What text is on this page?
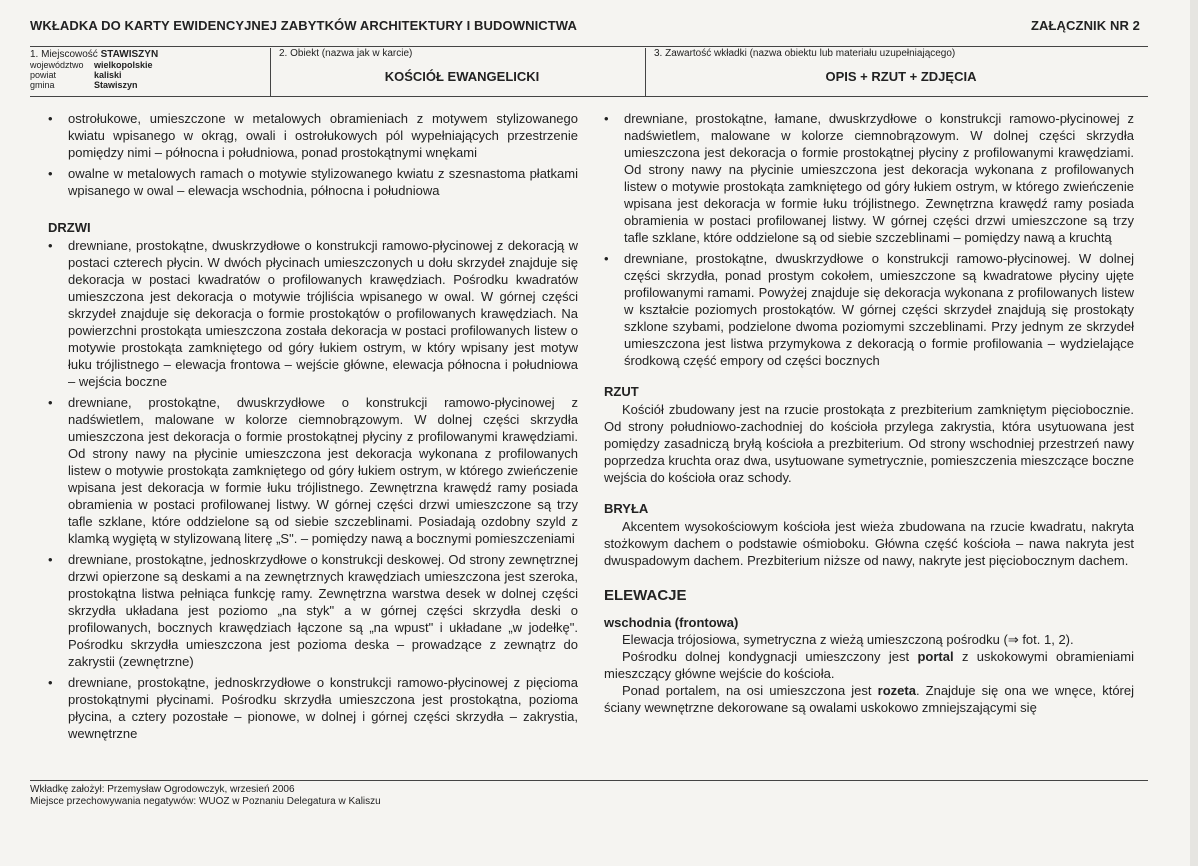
WKŁADKA DO KARTY EWIDENCYJNEJ ZABYTKÓW ARCHITEKTURY I BUDOWNICTWA	ZAŁĄCZNIK NR 2
1. Miejscowość
STAWISZYN
województwo	wielkopolskie
powiat	kaliski
gmina	Stawiszyn
2. Obiekt (nazwa jak w karcie)
KOŚCIÓŁ EWANGELICKI
3. Zawartość wkładki (nazwa obiektu lub materiału uzupełniającego)
OPIS + RZUT + ZDJĘCIA
• ostrołukowe, umieszczone w metalowych obramieniach z motywem stylizowanego kwiatu wpisanego w okrąg, owali i ostrołukowych pól wypełniających przestrzenie pomiędzy nimi – północna i południowa, ponad prostokątnymi wnękami
• owalne w metalowych ramach o motywie stylizowanego kwiatu z szesnastoma płatkami wpisanego w owal – elewacja wschodnia, północna i południowa
DRZWI
• drewniane, prostokątne, dwuskrzydłowe o konstrukcji ramowo-płycinowej z dekoracją w postaci czterech płycin. W dwóch płycinach umieszczonych u dołu skrzydeł znajduje się dekoracja w postaci kwadratów o profilowanych krawędziach. Pośrodku kwadratów umieszczona jest dekoracja o motywie trójliścia wpisanego w owal. W górnej części skrzydeł znajduje się dekoracja o formie prostokątów o profilowanych krawędziach. Na powierzchni prostokąta umieszczona została dekoracja w postaci profilowanych listew o motywie prostokąta zamkniętego od góry łukiem ostrym, w który wpisany jest motyw łuku trójlistnego – elewacja frontowa – wejście główne, elewacja północna i południowa – wejścia boczne
• drewniane, prostokątne, dwuskrzydłowe o konstrukcji ramowo-płycinowej z nadświetlem, malowane w kolorze ciemnobrązowym. W dolnej części skrzydła umieszczona jest dekoracja o formie prostokątnej płyciny z profilowanymi krawędziami. Od strony nawy na płycinie umieszczona jest dekoracja wykonana z profilowanych listew o motywie prostokąta zamkniętego od góry łukiem ostrym, w którego zwieńczenie wpisana jest dekoracja w formie łuku trójlistnego. Zewnętrzna krawędź ramy posiada obramienia w postaci profilowanej listwy. W górnej części drzwi umieszczone są trzy tafle szklane, które oddzielone są od siebie szczeblinami. Posiadają ozdobny szyld z klamką wygiętą w stylizowaną literę „S". – pomiędzy nawą a bocznymi pomieszczeniami
• drewniane, prostokątne, jednoskrzydłowe o konstrukcji deskowej. Od strony zewnętrznej drzwi opierzone są deskami a na zewnętrznych krawędziach umieszczona jest szeroka, prostokątna listwa pełniąca funkcję ramy. Zewnętrzna warstwa desek w dolnej części skrzydła układana jest poziomo „na styk" a w górnej części skrzydła deski o profilowanych, bocznych krawędziach łączone są „na wpust" i układane „w jodełkę". Pośrodku skrzydła umieszczona jest pozioma deska – prowadzące z zewnątrz do zakrystii (zewnętrzne)
• drewniane, prostokątne, jednoskrzydłowe o konstrukcji ramowo-płycinowej z pięcioma prostokątnymi płycinami. Pośrodku skrzydła umieszczona jest prostokątna, pozioma płycina, a cztery pozostałe – pionowe, w dolnej i górnej części skrzydła – zakrystia, wewnętrzne
• drewniane, prostokątne, łamane, dwuskrzydłowe o konstrukcji ramowo-płycinowej z nadświetlem, malowane w kolorze ciemnobrązowym. W dolnej części skrzydła umieszczona jest dekoracja o formie prostokątnej płyciny z profilowanymi krawędziami. Od strony nawy na płycinie umieszczona jest dekoracja wykonana z profilowanych listew o motywie prostokąta zamkniętego od góry łukiem ostrym, w którego zwieńczenie wpisana jest dekoracja w formie łuku trójlistnego. Zewnętrzna krawędź ramy posiada obramienia w postaci profilowanej listwy. W górnej części drzwi umieszczone są trzy tafle szklane, które oddzielone są od siebie szczeblinami – pomiędzy nawą a kruchtą
• drewniane, prostokątne, dwuskrzydłowe o konstrukcji ramowo-płycinowej. W dolnej części skrzydła, ponad prostym cokołem, umieszczone są kwadratowe płyciny ujęte profilowanymi ramami. Powyżej znajduje się dekoracja wykonana z profilowanych listew w kształcie poziomych prostokątów. W górnej części skrzydeł znajdują się prostokąty szklone szybami, podzielone dwoma poziomymi szczeblinami. Przy jednym ze skrzydeł umieszczona jest listwa przymykowa z dekoracją o formie profilowania – wydzielające środkową część empory od części bocznych
RZUT
Kościół zbudowany jest na rzucie prostokąta z prezbiterium zamkniętym pięciobocznie. Od strony południowo-zachodniej do kościoła przylega zakrystia, która usytuowana jest pomiędzy zasadniczą bryłą kościoła a prezbiterium. Od strony wschodniej przestrzeń nawy poprzedza kruchta oraz dwa, usytuowane symetrycznie, pomieszczenia mieszczące boczne wejścia do kościoła oraz schody.
BRYŁA
Akcentem wysokościowym kościoła jest wieża zbudowana na rzucie kwadratu, nakryta stożkowym dachem o podstawie ośmioboku. Główna część kościoła – nawa nakryta jest dwuspadowym dachem. Prezbiterium niższe od nawy, nakryte jest pięciobocznym dachem.
ELEWACJE
wschodnia (frontowa)
Elewacja trójosiowa, symetryczna z wieżą umieszczoną pośrodku (⇒ fot. 1, 2).
Pośrodku dolnej kondygnacji umieszczony jest portal z uskokowymi obramieniami mieszczący główne wejście do kościoła.
Ponad portalem, na osi umieszczona jest rozeta. Znajduje się ona we wnęce, której ściany wewnętrzne dekorowane są owalami uskokowo zmniejszającymi się
Wkładkę założył: Przemysław Ogrodowczyk, wrzesień 2006
Miejsce przechowywania negatywów: WUOZ w Poznaniu Delegatura w Kaliszu
